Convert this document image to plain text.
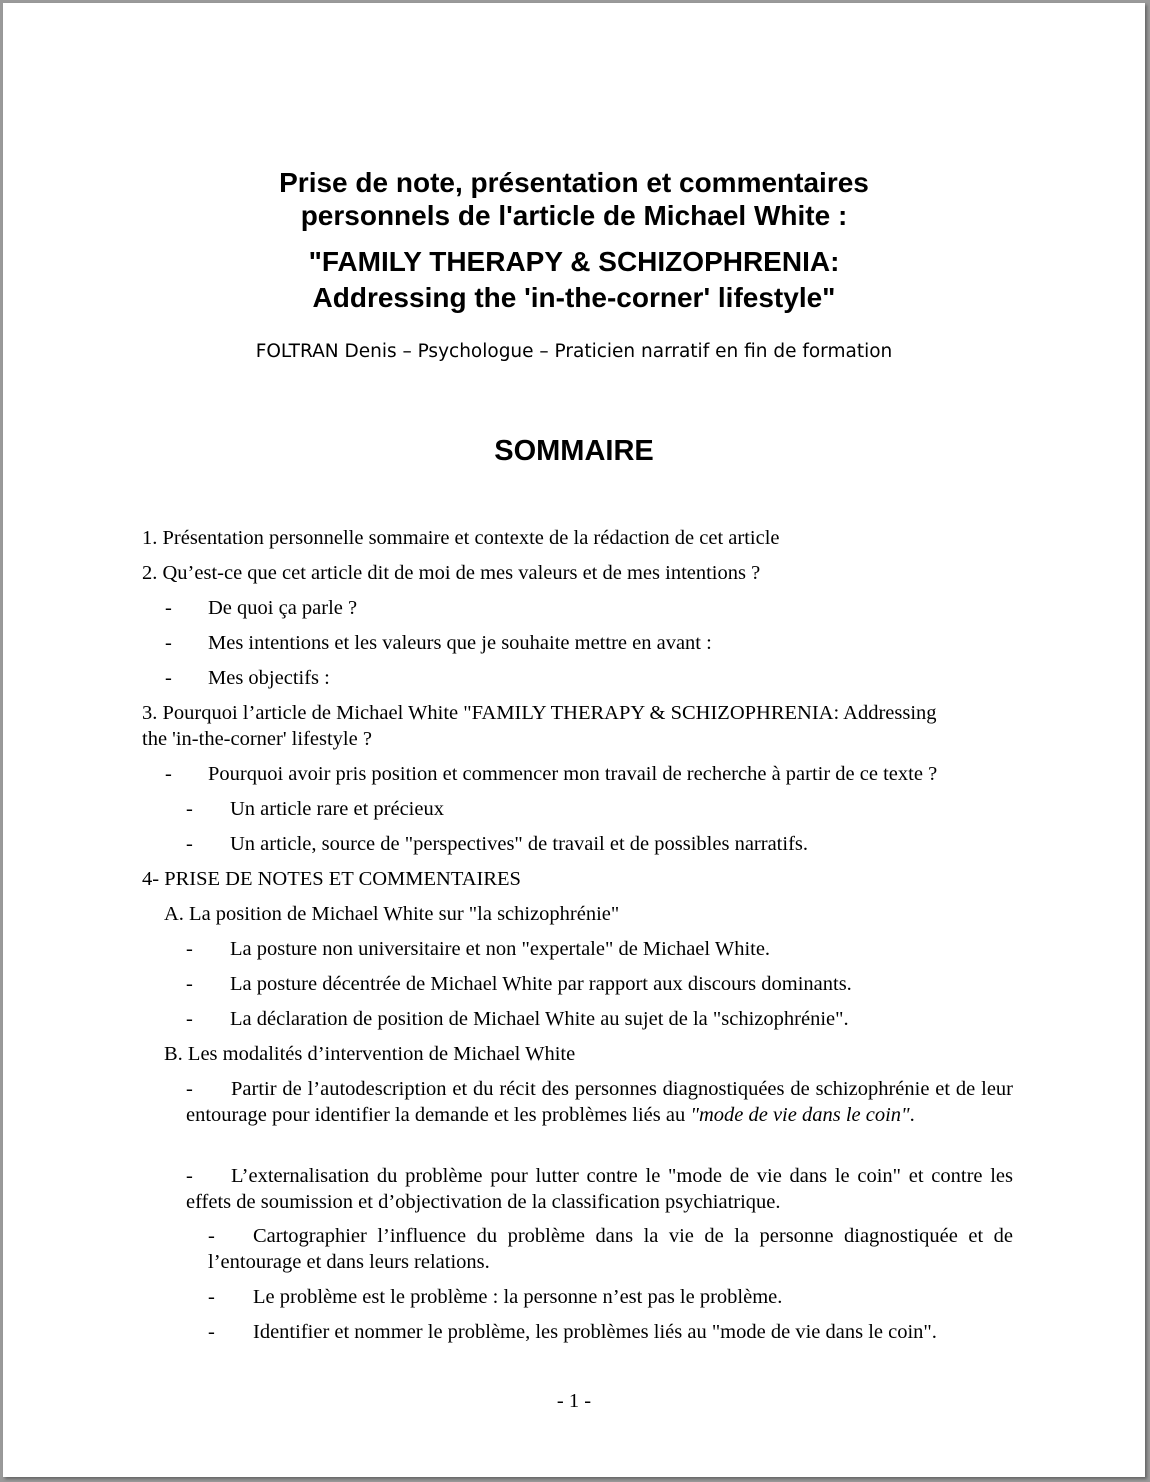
Prise de note, présentation et commentaires
personnels de l'article de Michael White :
"FAMILY THERAPY & SCHIZOPHRENIA:
Addressing the 'in-the-corner' lifestyle"
FOLTRAN Denis – Psychologue – Praticien narratif en fin de formation
SOMMAIRE
1. Présentation personnelle sommaire et contexte de la rédaction de cet article
2. Qu’est-ce que cet article dit de moi de mes valeurs et de mes intentions ?
- De quoi ça parle ?
- Mes intentions et les valeurs que je souhaite mettre en avant :
- Mes objectifs :
3. Pourquoi l’article de Michael White "FAMILY THERAPY & SCHIZOPHRENIA: Addressing
the 'in-the-corner' lifestyle ?
- Pourquoi avoir pris position et commencer mon travail de recherche à partir de ce texte ?
- Un article rare et précieux
- Un article, source de "perspectives" de travail et de possibles narratifs.
4- PRISE DE NOTES ET COMMENTAIRES
A. La position de Michael White sur "la schizophrénie"
- La posture non universitaire et non "expertale" de Michael White.
- La posture décentrée de Michael White par rapport aux discours dominants.
- La déclaration de position de Michael White au sujet de la "schizophrénie".
B. Les modalités d’intervention de Michael White
- Partir de l’autodescription et du récit des personnes diagnostiquées de schizophrénie et de leur entourage pour identifier la demande et les problèmes liés au "mode de vie dans le coin".
- L’externalisation du problème pour lutter contre le "mode de vie dans le coin" et contre les effets de soumission et d’objectivation de la classification psychiatrique.
- Cartographier l’influence du problème dans la vie de la personne diagnostiquée et de l’entourage et dans leurs relations.
- Le problème est le problème : la personne n’est pas le problème.
- Identifier et nommer le problème, les problèmes liés au "mode de vie dans le coin".
- 1 -
